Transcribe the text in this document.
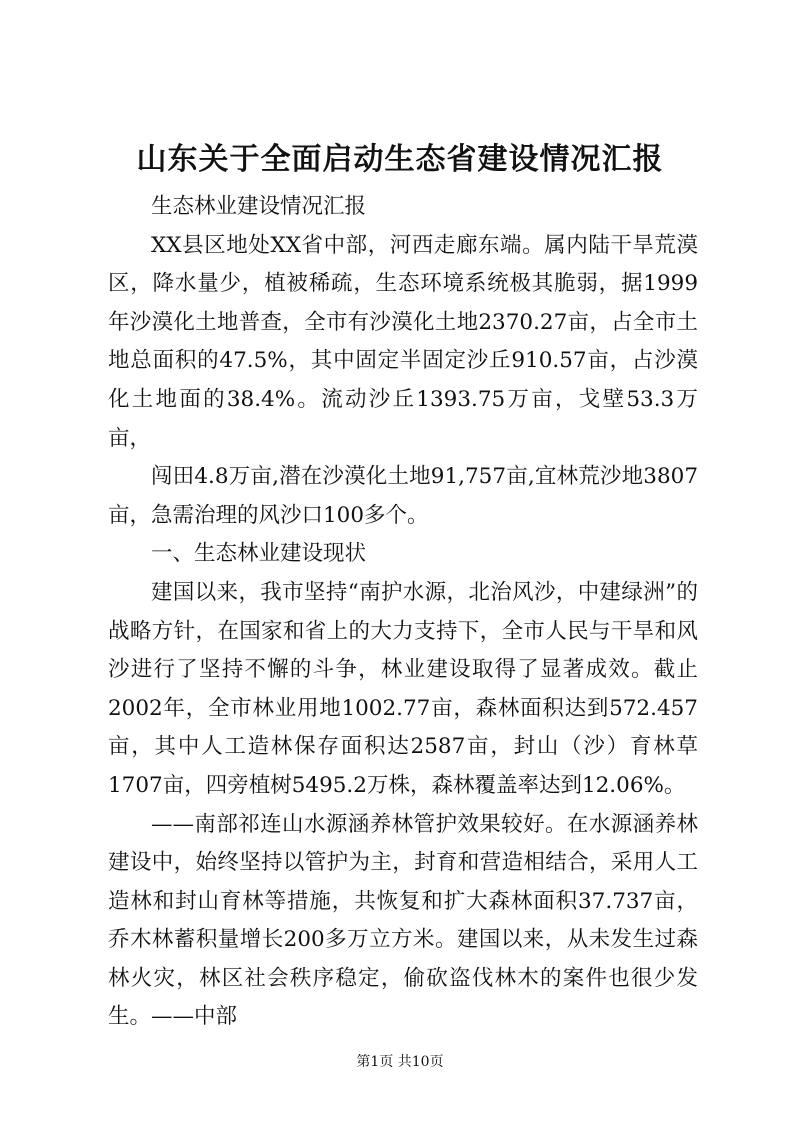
山东关于全面启动生态省建设情况汇报

生态林业建设情况汇报

XX县区地处XX省中部，河西走廊东端。属内陆干旱荒漠区，降水量少，植被稀疏，生态环境系统极其脆弱，据1999年沙漠化土地普查，全市有沙漠化土地2370.27亩，占全市土地总面积的47.5%，其中固定半固定沙丘910.57亩，占沙漠化土地面的38.4%。流动沙丘1393.75万亩，戈壁53.3万亩，

闯田4.8万亩,潜在沙漠化土地91,757亩,宜林荒沙地3807亩，急需治理的风沙口100多个。

一、生态林业建设现状

建国以来，我市坚持“南护水源，北治风沙，中建绿洲”的战略方针，在国家和省上的大力支持下，全市人民与干旱和风沙进行了坚持不懈的斗争，林业建设取得了显著成效。截止2002年，全市林业用地1002.77亩，森林面积达到572.457亩，其中人工造林保存面积达2587亩，封山（沙）育林草1707亩，四旁植树5495.2万株，森林覆盖率达到12.06%。

——南部祁连山水源涵养林管护效果较好。在水源涵养林建设中，始终坚持以管护为主，封育和营造相结合，采用人工造林和封山育林等措施，共恢复和扩大森林面积37.737亩，乔木林蓄积量增长200多万立方米。建国以来，从未发生过森林火灾，林区社会秩序稳定，偷砍盗伐林木的案件也很少发生。——中部

第1页 共10页
